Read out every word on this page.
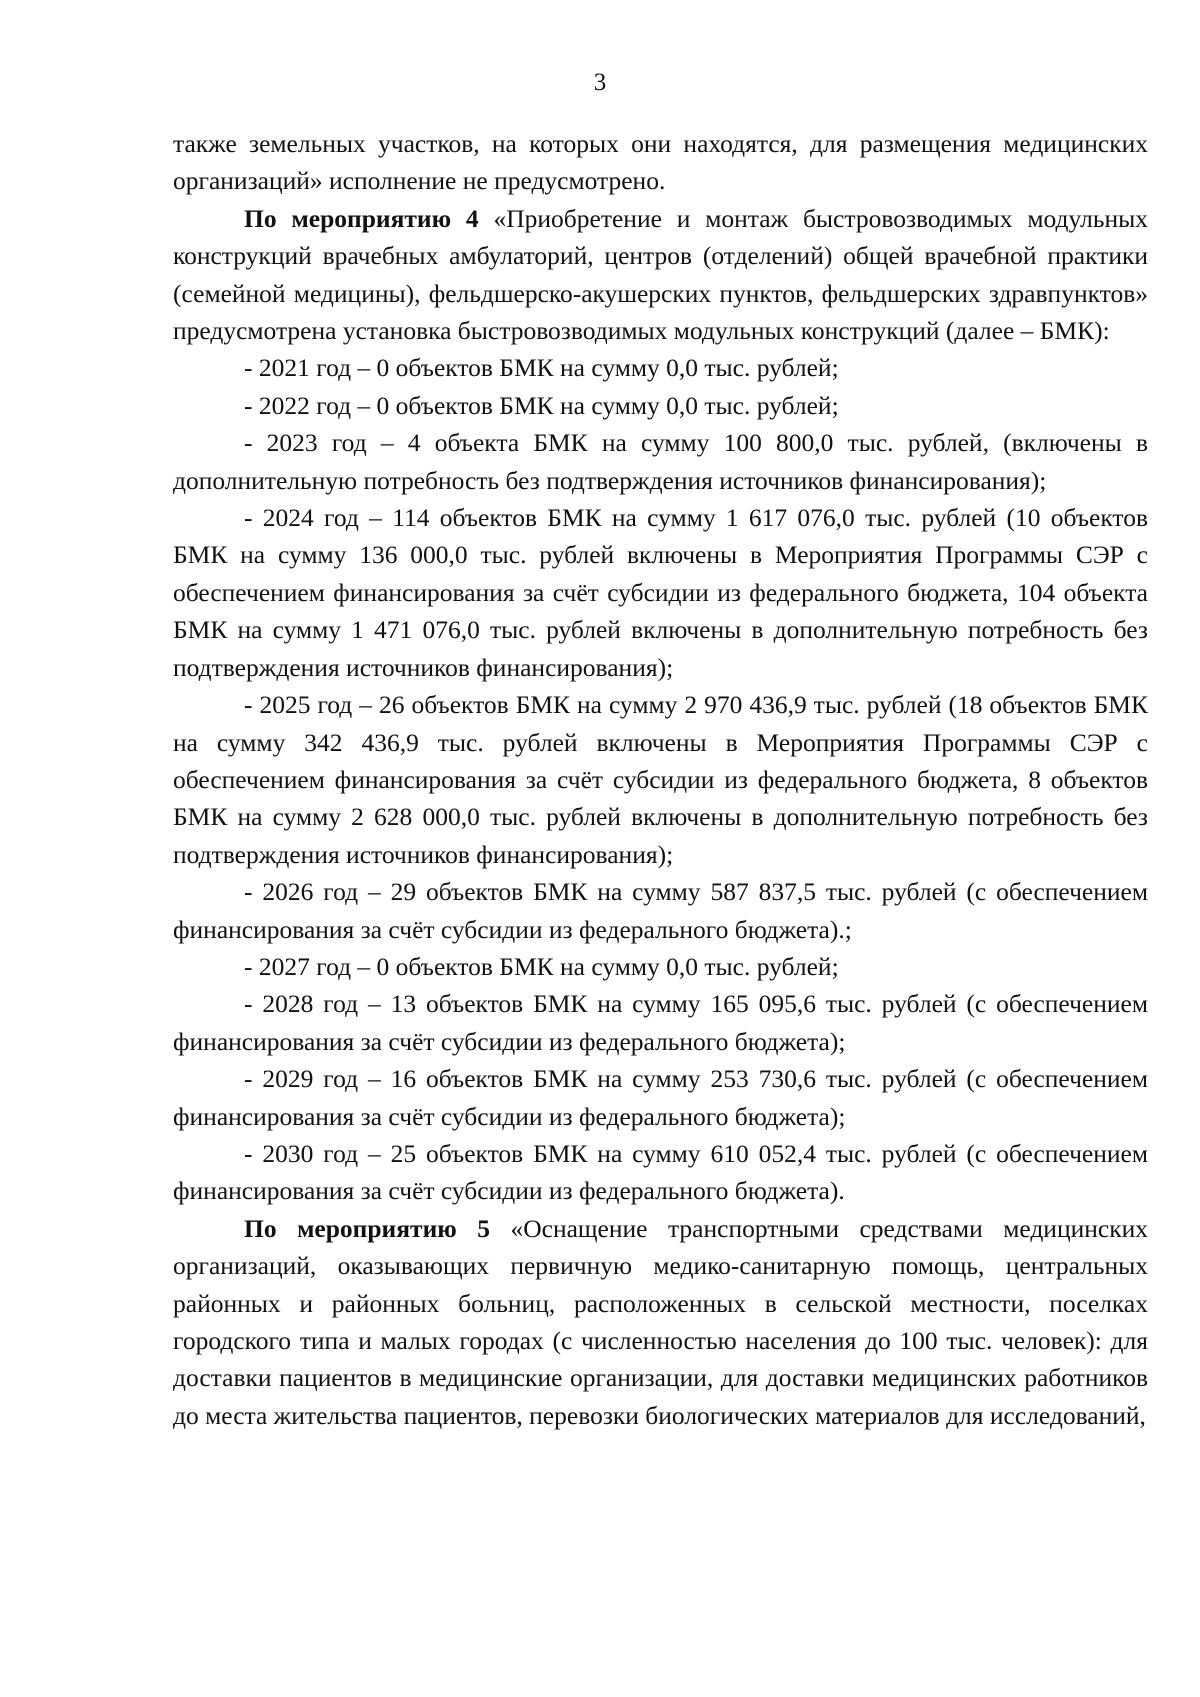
3

также земельных участков, на которых они находятся, для размещения медицинских организаций» исполнение не предусмотрено.

По мероприятию 4 «Приобретение и монтаж быстровозводимых модульных конструкций врачебных амбулаторий, центров (отделений) общей врачебной практики (семейной медицины), фельдшерско-акушерских пунктов, фельдшерских здравпунктов» предусмотрена установка быстровозводимых модульных конструкций (далее – БМК):

- 2021 год – 0 объектов БМК на сумму 0,0 тыс. рублей;

- 2022 год – 0 объектов БМК на сумму 0,0 тыс. рублей;

- 2023 год – 4 объекта БМК на сумму 100 800,0 тыс. рублей, (включены в дополнительную потребность без подтверждения источников финансирования);

- 2024 год – 114 объектов БМК на сумму 1 617 076,0 тыс. рублей (10 объектов БМК на сумму 136 000,0 тыс. рублей включены в Мероприятия Программы СЭР с обеспечением финансирования за счёт субсидии из федерального бюджета, 104 объекта БМК на сумму 1 471 076,0 тыс. рублей включены в дополнительную потребность без подтверждения источников финансирования);

- 2025 год – 26 объектов БМК на сумму 2 970 436,9 тыс. рублей (18 объектов БМК на сумму 342 436,9 тыс. рублей включены в Мероприятия Программы СЭР с обеспечением финансирования за счёт субсидии из федерального бюджета, 8 объектов БМК на сумму 2 628 000,0 тыс. рублей включены в дополнительную потребность без подтверждения источников финансирования);

- 2026 год – 29 объектов БМК на сумму 587 837,5 тыс. рублей (с обеспечением финансирования за счёт субсидии из федерального бюджета).;

- 2027 год – 0 объектов БМК на сумму 0,0 тыс. рублей;

- 2028 год – 13 объектов БМК на сумму 165 095,6 тыс. рублей (с обеспечением финансирования за счёт субсидии из федерального бюджета);

- 2029 год – 16 объектов БМК на сумму 253 730,6 тыс. рублей (с обеспечением финансирования за счёт субсидии из федерального бюджета);

- 2030 год – 25 объектов БМК на сумму 610 052,4 тыс. рублей (с обеспечением финансирования за счёт субсидии из федерального бюджета).

По мероприятию 5 «Оснащение транспортными средствами медицинских организаций, оказывающих первичную медико-санитарную помощь, центральных районных и районных больниц, расположенных в сельской местности, поселках городского типа и малых городах (с численностью населения до 100 тыс. человек): для доставки пациентов в медицинские организации, для доставки медицинских работников до места жительства пациентов, перевозки биологических материалов для исследований,
